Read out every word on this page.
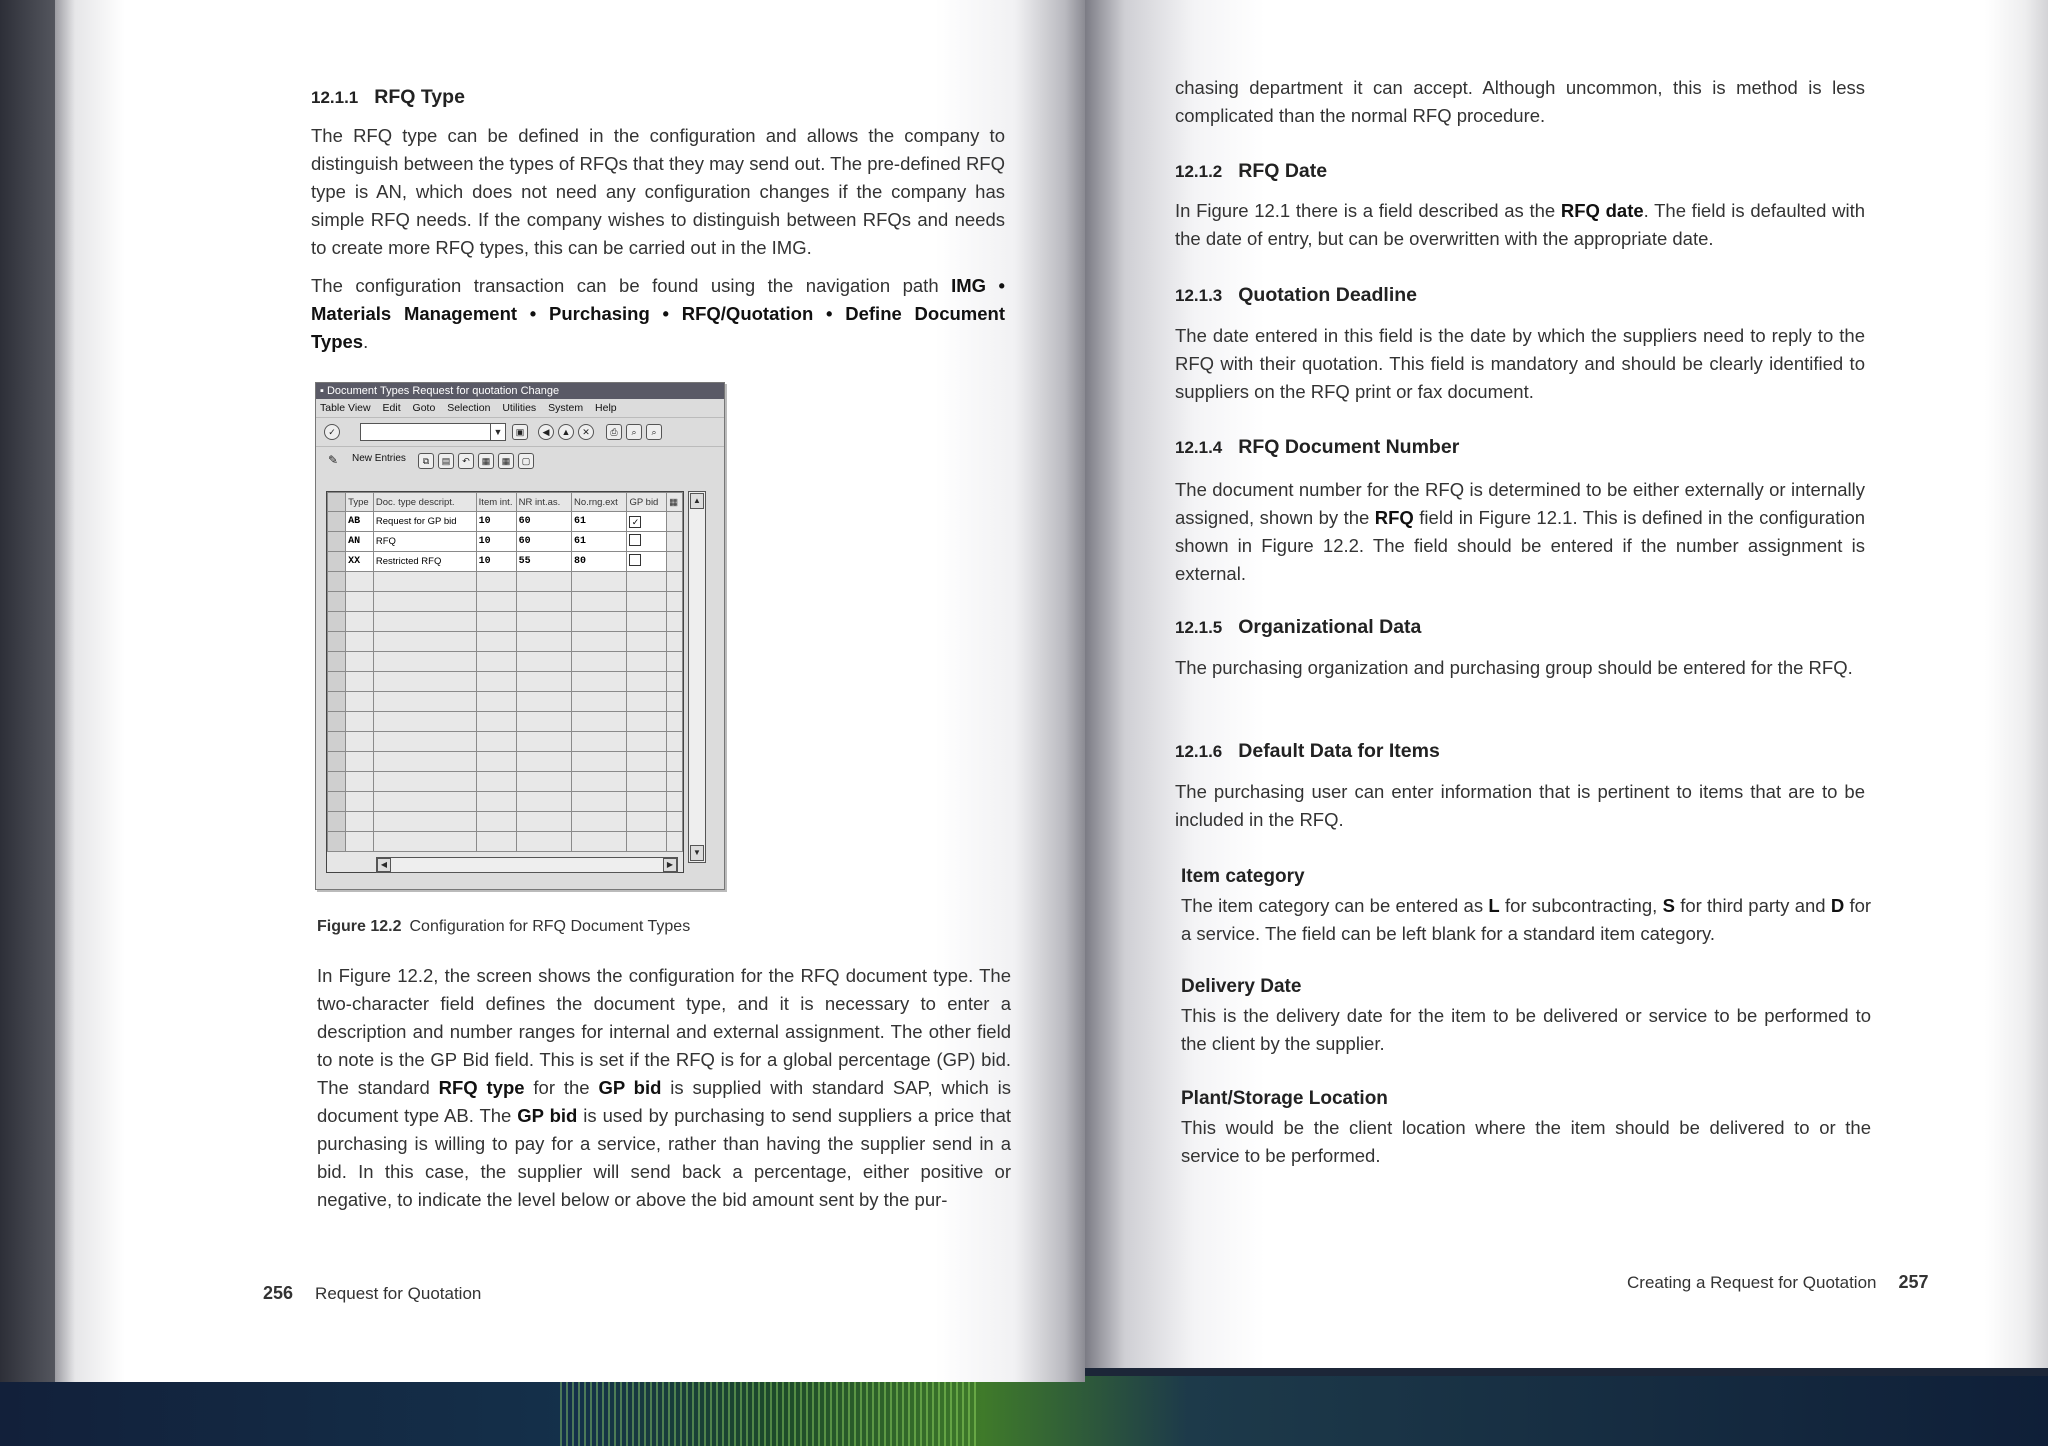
12.1.1 RFQ Type
The RFQ type can be defined in the configuration and allows the company to distinguish between the types of RFQs that they may send out. The pre-defined RFQ type is AN, which does not need any configuration changes if the company has simple RFQ needs. If the company wishes to distinguish between RFQs and needs to create more RFQ types, this can be carried out in the IMG.
The configuration transaction can be found using the navigation path IMG • Materials Management • Purchasing • RFQ/Quotation • Define Document Types.
▪ Document Types Request for quotation Change
Table View Edit Goto Selection Utilities System Help
✓	▼	▣	◀	▲	✕	⎙	⌕	⌕
✎ New Entries	⧉	▤	↶	▦	▦	▢
	Type	Doc. type descript.	Item int.	NR int.as.	No.rng.ext	GP bid	▦
	AB	Request for GP bid	10	60	61	✓	
	AN	RFQ	10	60	61		
	XX	Restricted RFQ	10	55	80		

▲
▼
◀	▶
Figure 12.2 Configuration for RFQ Document Types
In Figure 12.2, the screen shows the configuration for the RFQ document type. The two-character field defines the document type, and it is necessary to enter a description and number ranges for internal and external assignment. The other field to note is the GP Bid field. This is set if the RFQ is for a global percentage (GP) bid. The standard RFQ type for the GP bid is supplied with standard SAP, which is document type AB. The GP bid is used by purchasing to send suppliers a price that purchasing is willing to pay for a service, rather than having the supplier send in a bid. In this case, the supplier will send back a percentage, either positive or negative, to indicate the level below or above the bid amount sent by the pur-
256 Request for Quotation
chasing department it can accept. Although uncommon, this is method is less complicated than the normal RFQ procedure.
12.1.2 RFQ Date
In Figure 12.1 there is a field described as the RFQ date. The field is defaulted with the date of entry, but can be overwritten with the appropriate date.
12.1.3 Quotation Deadline
The date entered in this field is the date by which the suppliers need to reply to the RFQ with their quotation. This field is mandatory and should be clearly identified to suppliers on the RFQ print or fax document.
12.1.4 RFQ Document Number
The document number for the RFQ is determined to be either externally or internally assigned, shown by the RFQ field in Figure 12.1. This is defined in the configuration shown in Figure 12.2. The field should be entered if the number assignment is external.
12.1.5 Organizational Data
The purchasing organization and purchasing group should be entered for the RFQ.
12.1.6 Default Data for Items
The purchasing user can enter information that is pertinent to items that are to be included in the RFQ.
Item category
The item category can be entered as L for subcontracting, S for third party and D for a service. The field can be left blank for a standard item category.
Delivery Date
This is the delivery date for the item to be delivered or service to be performed to the client by the supplier.
Plant/Storage Location
This would be the client location where the item should be delivered to or the service to be performed.
Creating a Request for Quotation 257
